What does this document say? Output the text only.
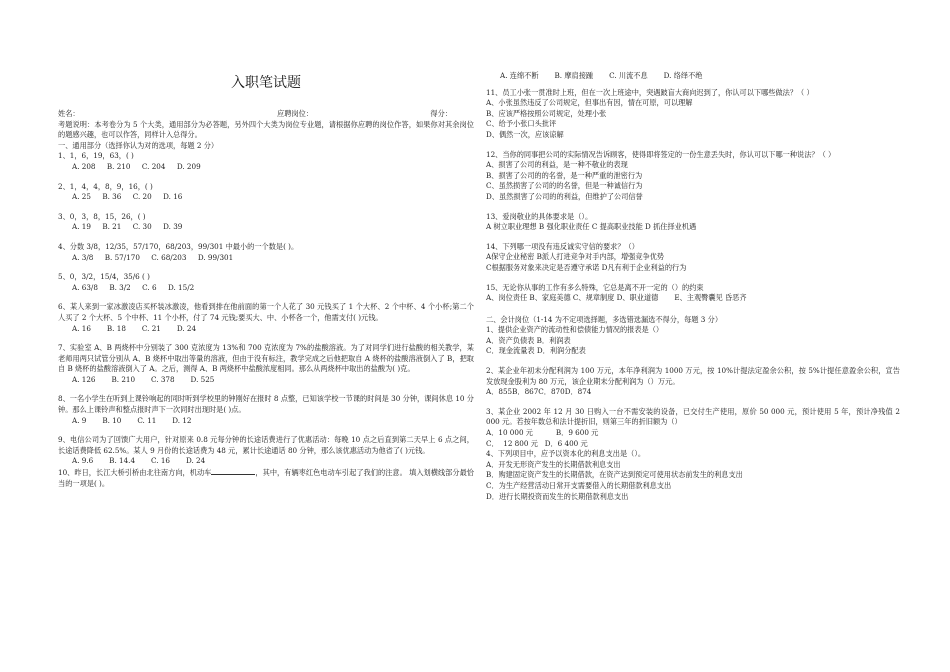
入职笔试题
姓名：	应聘岗位：	得分：
考题说明：本考卷分为 5 个大类，通用部分为必答题，另外四个大类为岗位专业题，请根据你应聘的岗位作答，如果你对其余岗位的题感兴趣，也可以作答，同样计入总得分。
一、通用部分（选择你认为对的选项，每题 2 分）
1、1，6，19，63，( )
A. 208     B. 210     C. 204     D. 209
2、1，4，4，8，9，16，( )
A. 25     B. 36     C. 20     D. 16
3、0，3，8，15，26，( )
A. 19     B. 21     C. 30     D. 39
4、分数 3/8，12/35，57/170，68/203，99/301 中最小的一个数是( )。
A. 3/8     B. 57/170     C. 68/203     D. 99/301
5、0，3/2，15/4，35/6 ( )
A. 63/8     B. 3/2     C. 6     D. 15/2
6、某人来到一家冰激凌店买杯装冰激凌，他看到排在他前面的第一个人花了 30 元钱买了 1 个大杯、2 个中杯、4 个小杯;第二个人买了 2 个大杯、5 个中杯、11 个小杯，付了 74 元钱;要买大、中、小杯各一个，他需支付( )元钱。
A. 16       B. 18       C. 21       D. 24
7、实验室 A、B 两烧杯中分别装了 300 克浓度为 13%和 700 克浓度为 7%的盐酸溶液。为了对同学们进行盐酸的相关教学，某老师用两只试管分别从 A、B 烧杯中取出等量的溶液，但由于没有标注，教学完成之后他把取自 A 烧杯的盐酸溶液倒入了 B，把取自 B 烧杯的盐酸溶液倒入了 A。之后，测得 A、B 两烧杯中盐酸浓度相同。那么从两烧杯中取出的盐酸为( )克。
A. 126       B. 210       C. 378       D. 525
8、一名小学生在听到上课铃响起的同时听到学校里的钟刚好在报时 8 点整，已知该学校一节课的时间是 30 分钟，课间休息 10 分钟。那么上课铃声和整点报时声下一次同时出现时是( )点。
A. 9       B. 10       C. 11       D. 12
9、电信公司为了回馈广大用户，针对原来 0.8 元每分钟的长途话费进行了优惠活动：每晚 10 点之后直到第二天早上 6 点之间，长途话费降低 62.5%。某人 9 月份的长途话费为 48 元，累计长途通话 80 分钟，那么该优惠活动为他省了( )元钱。
A. 9.6       B. 14.4       C. 16       D. 24
10、昨日，长江大桥引桥由北往南方向，机动车	，其中，有辆枣红色电动车引起了我们的注意。 填入划横线部分最恰当的一项是( )。
A. 连绵不断       B. 摩肩接踵       C. 川流不息       D. 络绎不绝
11、员工小张一贯准时上班，但在一次上班途中，突遇跛盲大商向迟到了，你认可以下哪些做法？（ ）
A、小张虽然违反了公司规定，但事出有因，情在可原，可以理解
B、应该严格按照公司规定，处理小张
C、给予小张口头批评
D、偶然一次，应该谅解
12、当你的同事把公司的实际情况告诉顾客，使得即将签定的一份生意丢失时，你认可以下哪一种说法？（ ）
A、损害了公司的利益，是一种不敬业的表现
B、损害了公司的的名誉，是一种严重的泄密行为
C、虽然损害了公司的的名誉，但是一种诚信行为
D、虽然损害了公司的的利益，但维护了公司信誉
13、爱岗敬业的具体要求是（）。
A 树立职业理想 B 强化职业责任 C 提高职业技能 D 抓住择业机遇
14、下列哪一项没有违反诚实守信的要求？（）
A保守企业秘密 B派人打进竞争对手内部，增强竞争优势
C根据服务对象来决定是否遵守承诺 D凡有利于企业利益的行为
15、无论你从事的工作有多么特殊，它总是离不开一定的（）的约束
A、岗位责任 B、家庭美德 C、规章制度 D、职业道德       E、主观臀囊见 昏恶齐
二、会计岗位（1-14 为不定项选择题，多选错选漏选不得分，每题 3 分）
1、提供企业资产的流动性和偿债能力情况的报表是（）
A．资产负债表 B．利润表
C．现金流量表 D．利润分配表
2、某企业年初未分配利润为 100 万元，本年净利润为 1000 万元，按 10%计提法定盈余公积，按 5%计提任意盈余公积，宣告发放现金股利为 80 万元，该企业期末分配利润为（）万元。
A．855B．867C．870D．874
3、某企业 2002 年 12 月 30 日购入一台不需安装的设备，已交付生产使用，原价 50 000 元，预计使用 5 年，预计净残值 2 000 元。若按年数总和法计提折旧，则第三年的折旧额为（）
A．10 000 元          B．9 600 元
C．  12 800 元   D．6 400 元
4、下列项目中，应予以资本化的利息支出是（）。
A．开发无形资产发生的长期借款利息支出
B．购建固定资产发生的长期借款，在资产达到预定可使用状态前发生的利息支出
C．为生产经营活动日常开支需要借入的长期借款利息支出
D．进行长期投资而发生的长期借款利息支出
